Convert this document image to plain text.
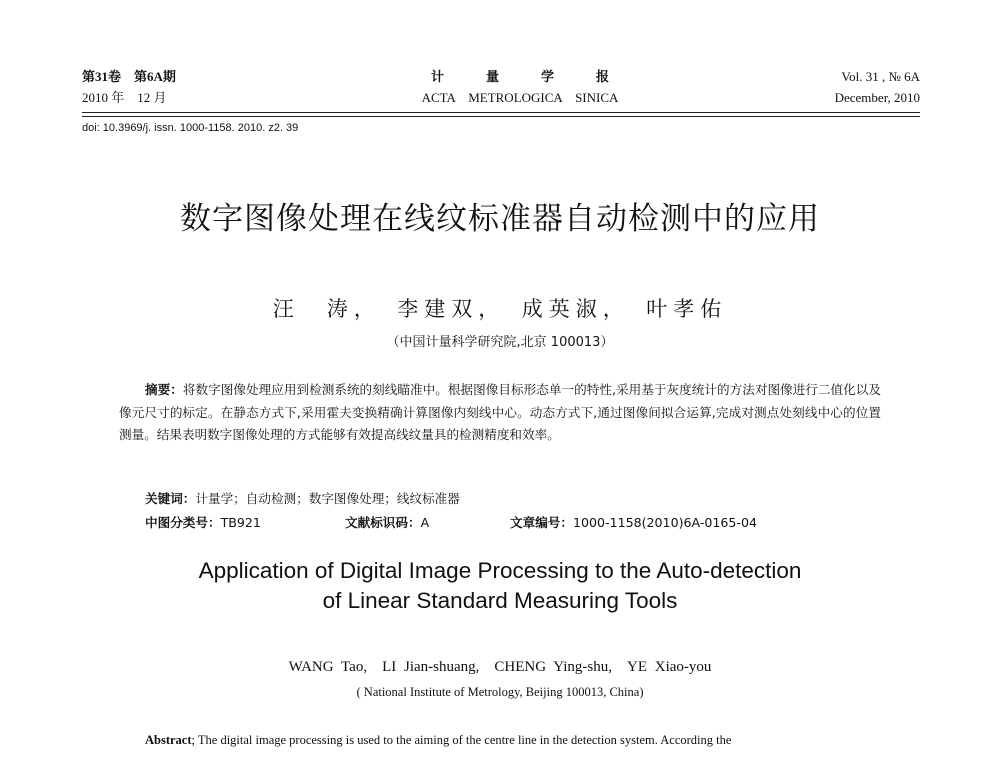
第31卷　第6A期
2010 年　12 月
计量学报
ACTA　METROLOGICA　SINICA
Vol. 31 , № 6A
December, 2010
doi: 10.3969/j. issn. 1000-1158. 2010. z2. 39
数字图像处理在线纹标准器自动检测中的应用
汪　涛，　李建双，　成英淑，　叶孝佑
（中国计量科学研究院,北京 100013）
摘要：将数字图像处理应用到检测系统的刻线瞄准中。根据图像目标形态单一的特性,采用基于灰度统计的方法对图像进行二值化以及像元尺寸的标定。在静态方式下,采用霍夫变换精确计算图像内刻线中心。动态方式下,通过图像间拟合运算,完成对测点处刻线中心的位置测量。结果表明数字图像处理的方式能够有效提高线纹量具的检测精度和效率。
关键词：计量学；自动检测；数字图像处理；线纹标准器
中图分类号：TB921	文献标识码：A	文章编号：1000-1158(2010)6A-0165-04
Application of Digital Image Processing to the Auto-detection
of Linear Standard Measuring Tools
WANG Tao,　LI Jian-shuang,　CHENG Ying-shu,　YE Xiao-you
( National Institute of Metrology, Beijing 100013, China)
Abstract; The digital image processing is used to the aiming of the centre line in the detection system. According the
